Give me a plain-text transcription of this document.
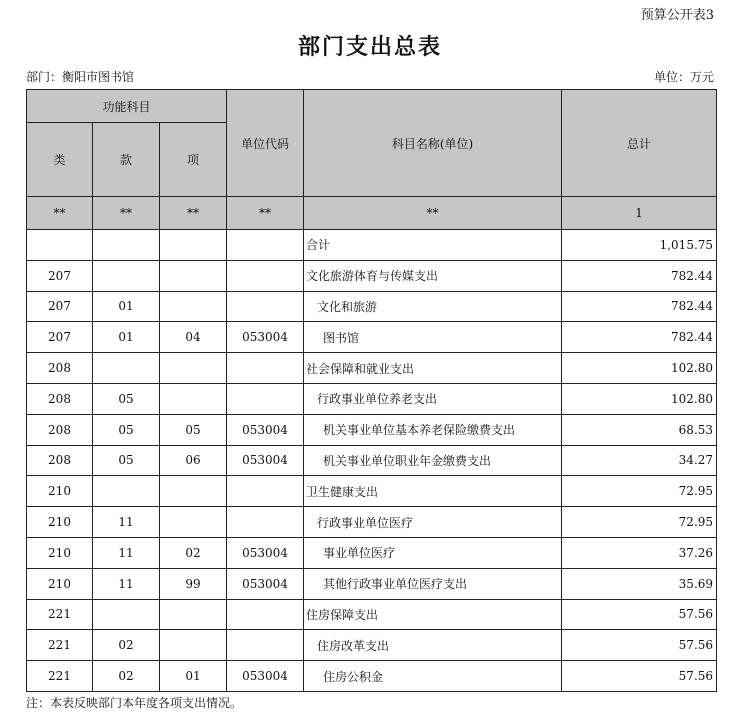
预算公开表3
部门支出总表
部门：衡阳市图书馆	单位：万元
功能科目			单位代码	科目名称(单位)	总计
类	款	项			
**	**	**	**	**	1
				合计	1,015.75
207				文化旅游体育与传媒支出	782.44
207	01			文化和旅游	782.44
207	01	04	053004	图书馆	782.44
208				社会保障和就业支出	102.80
208	05			行政事业单位养老支出	102.80
208	05	05	053004	机关事业单位基本养老保险缴费支出	68.53
208	05	06	053004	机关事业单位职业年金缴费支出	34.27
210				卫生健康支出	72.95
210	11			行政事业单位医疗	72.95
210	11	02	053004	事业单位医疗	37.26
210	11	99	053004	其他行政事业单位医疗支出	35.69
221				住房保障支出	57.56
221	02			住房改革支出	57.56
221	02	01	053004	住房公积金	57.56
注：本表反映部门本年度各项支出情况。
